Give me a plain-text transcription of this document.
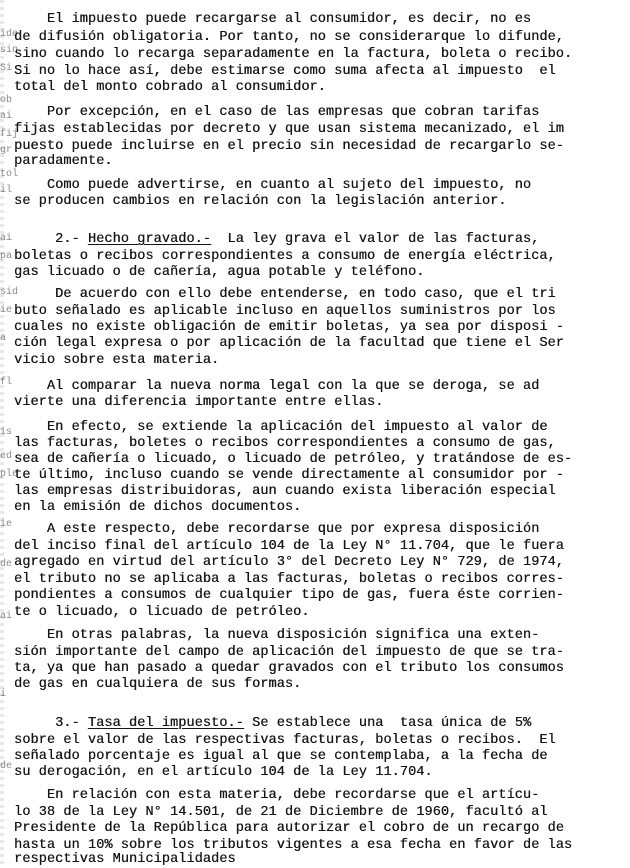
ide
sin
Si
ob
ai
fij
gr
tol
il
ai
pa
sid
ie
a
fl
is
ed
ple
ie
de
ai
i
de
El impuesto puede recargarse al consumidor, es decir, no es
de difusión obligatoria. Por tanto, no se considerarque lo difunde,
sino cuando lo recarga separadamente en la factura, boleta o recibo.
Si no lo hace así, debe estimarse como suma afecta al impuesto  el
total del monto cobrado al consumidor.
Por excepción, en el caso de las empresas que cobran tarifas
fijas establecidas por decreto y que usan sistema mecanizado, el im
puesto puede incluirse en el precio sin necesidad de recargarlo se-
paradamente.
Como puede advertirse, en cuanto al sujeto del impuesto, no
se producen cambios en relación con la legislación anterior.
2.- Hecho gravado.-  La ley grava el valor de las facturas,
boletas o recibos correspondientes a consumo de energía eléctrica,
gas licuado o de cañería, agua potable y teléfono.
De acuerdo con ello debe entenderse, en todo caso, que el tri
buto señalado es aplicable incluso en aquellos suministros por los
cuales no existe obligación de emitir boletas, ya sea por disposi -
ción legal expresa o por aplicación de la facultad que tiene el Ser
vicio sobre esta materia.
Al comparar la nueva norma legal con la que se deroga, se ad
vierte una diferencia importante entre ellas.
En efecto, se extiende la aplicación del impuesto al valor de
las facturas, boletes o recibos correspondientes a consumo de gas,
sea de cañería o licuado, o licuado de petróleo, y tratándose de es-
te último, incluso cuando se vende directamente al consumidor por -
las empresas distribuidoras, aun cuando exista liberación especial
en la emisión de dichos documentos.
A este respecto, debe recordarse que por expresa disposición
del inciso final del artículo 104 de la Ley N° 11.704, que le fuera
agregado en virtud del artículo 3° del Decreto Ley N° 729, de 1974,
el tributo no se aplicaba a las facturas, boletas o recibos corres-
pondientes a consumos de cualquier tipo de gas, fuera éste corrien-
te o licuado, o licuado de petróleo.
En otras palabras, la nueva disposición significa una exten-
sión importante del campo de aplicación del impuesto de que se tra-
ta, ya que han pasado a quedar gravados con el tributo los consumos
de gas en cualquiera de sus formas.
3.- Tasa del impuesto.- Se establece una  tasa única de 5%
sobre el valor de las respectivas facturas, boletas o recibos.  El
señalado porcentaje es igual al que se contemplaba, a la fecha de
su derogación, en el artículo 104 de la Ley 11.704.
En relación con esta materia, debe recordarse que el artícu-
lo 38 de la Ley N° 14.501, de 21 de Diciembre de 1960, facultó al
Presidente de la República para autorizar el cobro de un recargo de
hasta un 10% sobre los tributos vigentes a esa fecha en favor de las
respectivas Municipalidades
